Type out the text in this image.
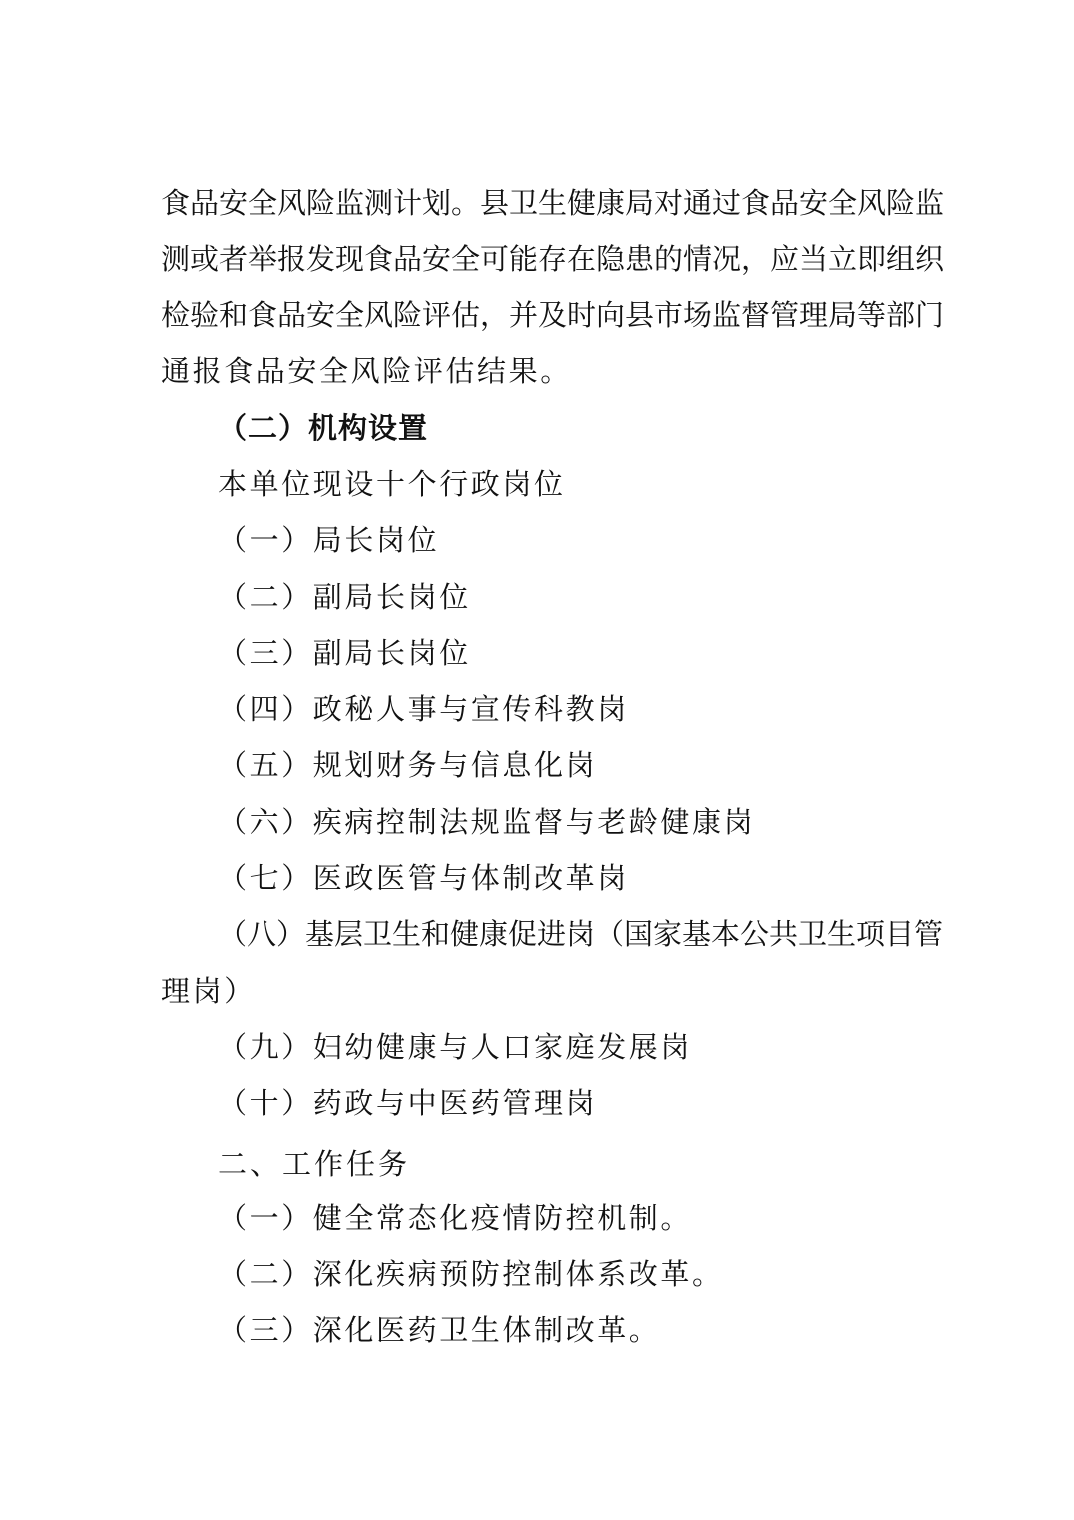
食品安全风险监测计划。县卫生健康局对通过食品安全风险监
测或者举报发现食品安全可能存在隐患的情况，应当立即组织
检验和食品安全风险评估，并及时向县市场监督管理局等部门
通报食品安全风险评估结果。
（二）机构设置
本单位现设十个行政岗位
（一）局长岗位
（二）副局长岗位
（三）副局长岗位
（四）政秘人事与宣传科教岗
（五）规划财务与信息化岗
（六）疾病控制法规监督与老龄健康岗
（七）医政医管与体制改革岗
（八）基层卫生和健康促进岗（国家基本公共卫生项目管
理岗）
（九）妇幼健康与人口家庭发展岗
（十）药政与中医药管理岗
二、工作任务
（一）健全常态化疫情防控机制。
（二）深化疾病预防控制体系改革。
（三）深化医药卫生体制改革。
